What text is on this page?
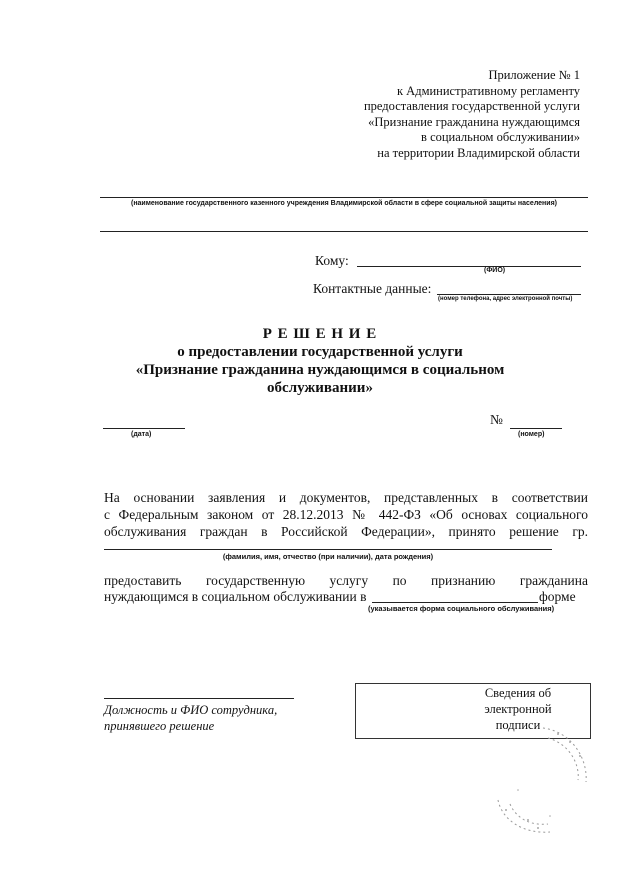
Приложение № 1
к Административному регламенту
предоставления государственной услуги
«Признание гражданина нуждающимся
в социальном обслуживании»
на территории Владимирской области
(наименование государственного казенного учреждения Владимирской области в сфере социальной защиты населения)
Кому:
(ФИО)
Контактные данные:
(номер телефона, адрес электронной почты)
Р Е Ш Е Н И Е
о предоставлении государственной услуги
«Признание гражданина нуждающимся в социальном
обслуживании»
(дата)
№
(номер)
На основании заявления и документов, представленных в соответствии
с Федеральным законом от 28.12.2013 № 442-ФЗ «Об основах социального
обслуживания граждан в Российской Федерации», принято решение гр.
(фамилия, имя, отчество (при наличии), дата рождения)
предоставить государственную услугу по признанию гражданина
нуждающимся в социальном обслуживании в	форме
(указывается форма социального обслуживания)
Должность и ФИО сотрудника,
принявшего решение
Сведения об
электронной
подписи
